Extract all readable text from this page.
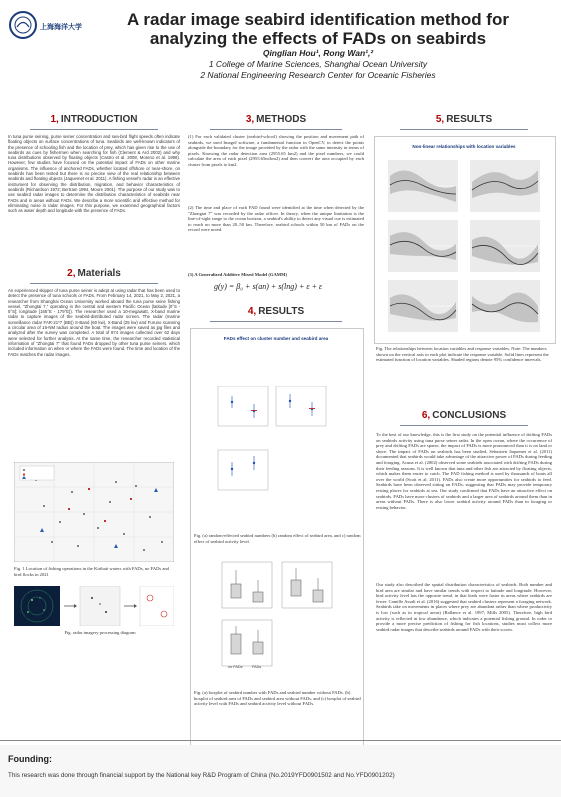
上海海洋大学	A radar image seabird identification method for analyzing the effects of FADs on seabirds
Qinglian Hou¹, Rong Wan¹,²
1 College of Marine Sciences, Shanghai Ocean University
2 National Engineering Research Center for Oceanic Fisheries
1, INTRODUCTION
In tuna purse seining, purse seiner concentration and sea-bird flight speeds often indicate floating objects on surface concentrations of tuna. Seabirds are well-known indicators of the presence of schooling fish and the location of prey, which has given rise to the use of seabirds as cues by fishermen when searching for fish (Clement & Ard 2002) and why tuna distributions observed by floating objects (Castro et al. 2008, Moreno et al. 1998). However, few studies have focused on the potential impact of FADs on other marine organisms. The influence of anchored FADs, whether located offshore or near-shore, on seabirds has been tested but there is no precise view of the real relationship between seabirds and floating objects (Jaquemet et al. 2011). A fishing vessel's radar is an effective instrument for observing the distribution, migration, and behavior characteristics of seabirds (Richardson 1972; Bertram 1994, Moore 2001). The purpose of our study was to use seabird radar images to determine the distribution characteristics of seabirds near FADs and in areas without FADs. We describe a more scientific and effective method for eliminating noise in radar images. For this purpose, we examined geographical factors such as water depth and longitude with the presence of FADs.
2, Materials
An experienced skipper of tuna purse seiner is adept at using radar that has been used to detect the presence of tuna schools or FADs. From February 14, 2021, to May 2, 2021, a researcher from Shanghai Ocean University worked aboard the tuna purse seine fishing vessel, "Zhongtai 7," operating in the central and western Pacific Ocean (latitude [0°S - 5°S]; longitude [165°E - 179°E]). The researcher used a 10-megawatt, X-band marine radar to capture images of the seabird-distributed radar screen. The radar (marine surveillance radar FAR-21*7 (BB)) S-Band (60 kw), X-Band (25 kw) and Furuno scanning a circular area of 16-NM radius around the boat. The images were saved as jpg files and analyzed after the survey was completed. A total of 874 images collected over 62 days were selected for further analysis. At the same time, the researcher recorded statistical information of "Zhongtai 7" that found FADs dropped by other tuna purse seiners, which included information on when or where the FADs were found. The time and location of the FADs matches the radar images.
Fig. 1 Location of fishing operations in the Kiribati waters with FADs, no FADs and bird flocks in 2021
Fig. radar imagery processing diagram
3, METHODS
(1) For each validated cluster (seabird-school) showing the position and movement path of seabirds, we used ImageJ software, a fundamental function in OpenCV, to detect the points alongside the boundary for the image provided by the radar with the same intensity in terms of pixels. Knowing the radar detection area (2955.65 km2) and the pixel numbers, we could calculate the area of each pixel (2955.65m/km2) and then convert the area occupied by each cluster from pixels to km2.
(2) The time and place of each FAD found were identified at the time when detected by the "Zhongtai 7" was recorded by the radar officer. In theory, when the unique limitation is the line-of-sight range to the ocean horizon, a seabird's ability to detect any visual cue is estimated to reach no more than 20–50 km. Therefore, seabird schools within 50 km of FADs on the record were noted.
(3) A Generalized Additive Mixed Model (GAMM)
g(y) = β₀ + s(an) + s(lng) + ε + ε
4, RESULTS
FADs effect on cluster number and seabird area
Fig. (a) random-effected seabird numbers (b) random effect of seabird area, and c) random effect of seabird activity level.
no FADs FADs
Fig. (a) boxplot of seabird number with FADs and seabird number without FADs. (b) boxplot of seabird area of FADs and seabird area without FADs, and (c) boxplot of seabird activity level with FADs and seabird activity level without FADs.
5, RESULTS
Non-linear relationships with location variables
Fig. The relationships between location variables and response variables. Note: The numbers shown on the vertical axis in each plot indicate the response variable. Solid lines represent the estimated function of location variables. Shaded regions denote 95% confidence intervals.
6, CONCLUSIONS
To the best of our knowledge, this is the first study on the potential influence of drifting FADs on seabirds activity using tuna purse seiner radar. In the open ocean, where the occurrence of prey and drifting FADs are sparse, the impact of FADs is more pronounced than it is on land or shore. The impact of FADs on seabirds has been studied, Sebastien Jaquemet et al. (2011) documented that seabirds would take advantage of the attractive power of FADs during feeding and foraging. Acuna et al. (2002) observed some seabirds associated with drifting FADs during their feeding seasons. It is well known that tuna and other fish are attracted by floating objects, which makes them easier to catch. The FAD fishing method is used by thousands of boats all over the world (Scott et al. 2011). FADs also create more opportunities for seabirds to feed. Seabirds have been observed sitting on FADs, suggesting that FADs may provide temporary resting places for seabirds at sea. Our study confirmed that FADs have an attractive effect on seabirds. FADs have more clusters of seabirds and a larger area of seabirds around them than in areas without FADs. There is also lower seabird activity around FADs than in foraging or resting behavior.
Our study also described the spatial distribution characteristics of seabirds. Both number and bird area are similar and have similar trends with respect to latitude and longitude. However, bird activity level has the opposite trend, in that birds were faster in areas where seabirds are fewer. Camille Assali et al. (2016) suggested that seabird clusters represent a foraging network. Seabirds take on movements in places where prey are abundant rather than where productivity is low (such as in tropical areas) (Ballance et al. 1997; Mills 2005). Therefore, high bird activity is reflected in low abundance, which indicates a potential fishing ground. In order to provide a more precise prediction of fishing for fish locations, studies must collect more seabird radar images that describe seabirds around FADs with their scores.
Founding:
This research was done through financial support by the National key R&D Program of China (No.2019YFD0901502 and No.YFD0901202)
